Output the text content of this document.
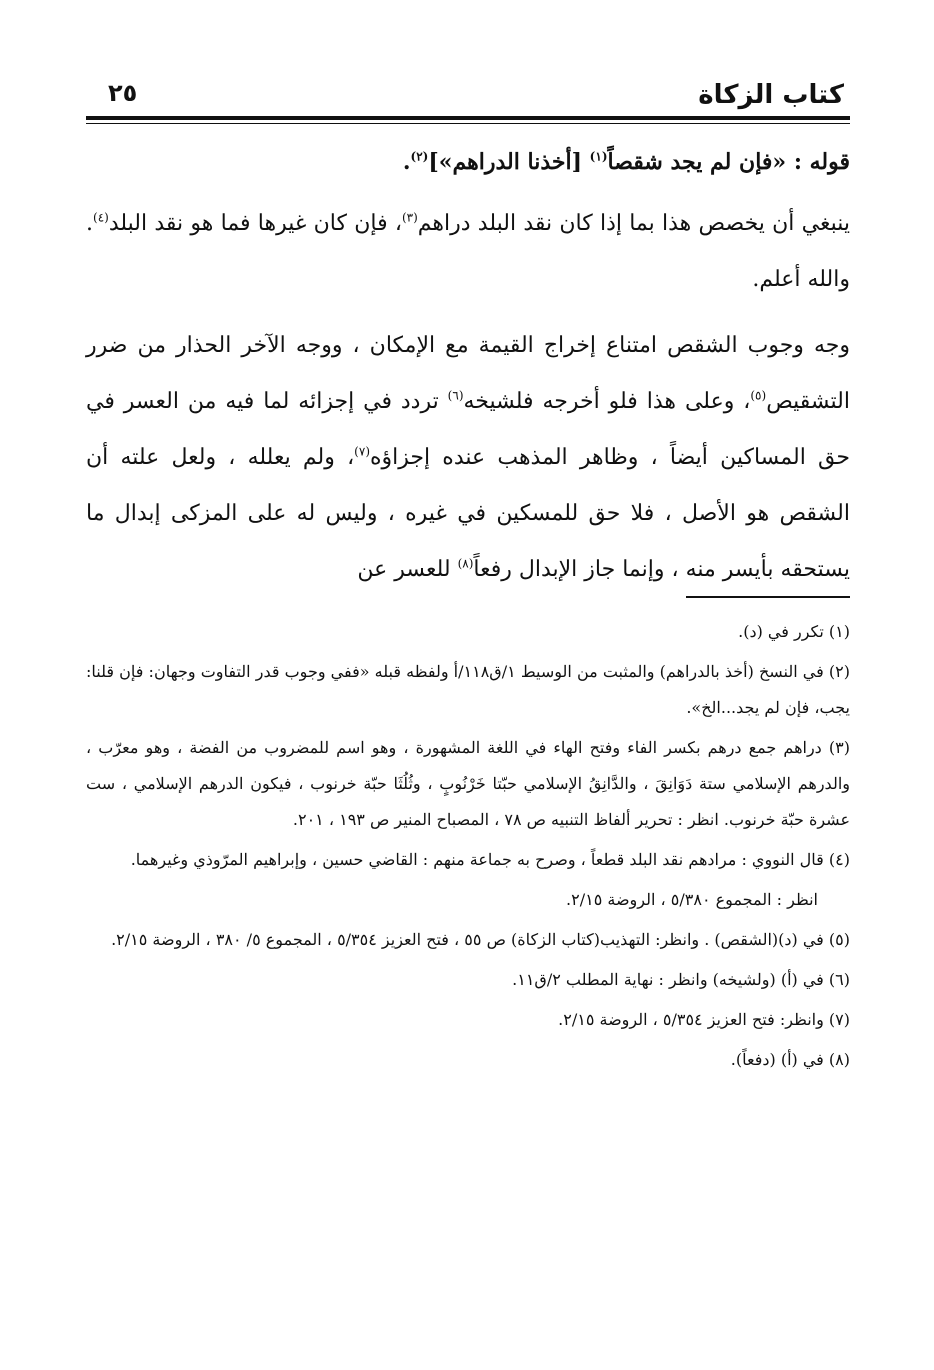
كتاب الزكاة
٢٥

قوله : «فإن لم يجد شقصاً$^{(١)}$ [أخذنا الدراهم»]$^{(٢)}$.

ينبغي أن يخصص هذا بما إذا كان نقد البلد دراهم$^{(٣)}$، فإن كان غيرها فما هو نقد البلد$^{(٤)}$. والله أعلم.

وجه وجوب الشقص امتناع إخراج القيمة مع الإمكان ، ووجه الآخر الحذار من ضرر التشقيص$^{(٥)}$، وعلى هذا فلو أخرجه فلشيخه$^{(٦)}$ تردد في إجزائه لما فيه من العسر في حق المساكين أيضاً ، وظاهر المذهب عنده إجزاؤه$^{(٧)}$، ولم يعلله ، ولعل علته أن الشقص هو الأصل ، فلا حق للمسكين في غيره ، وليس له على المزكى إبدال ما يستحقه بأيسر منه ، وإنما جاز الإبدال رفعاً$^{(٨)}$ للعسر عن

(١) تكرر في (د).

(٢) في النسخ (أخذ بالدراهم) والمثبت من الوسيط ١/ق١١٨/أ ولفظه قبله «ففي وجوب قدر التفاوت وجهان: فإن قلنا: يجب، فإن لم يجد...الخ».

(٣) دراهم جمع درهم بكسر الفاء وفتح الهاء في اللغة المشهورة ، وهو اسم للمضروب من الفضة ، وهو معرّب ، والدرهم الإسلامي ستة دَوَانِقَ ، والدَّانِقُ الإسلامي حبّتا خَرْنُوبٍ ، وثُلُثَا حبّة خرنوب ، فيكون الدرهم الإسلامي ، ست عشرة حبّة خرنوب. انظر : تحرير ألفاظ التنبيه ص ٧٨ ، المصباح المنير ص ١٩٣ ، ٢٠١.

(٤) قال النووي : مرادهم نقد البلد قطعاً ، وصرح به جماعة منهم : القاضي حسين ، وإبراهيم المرّوذي وغيرهما.

انظر : المجموع ٥/٣٨٠ ، الروضة ٢/١٥.

(٥) في (د)(الشقص) . وانظر: التهذيب(كتاب الزكاة) ص ٥٥ ، فتح العزيز ٥/٣٥٤ ، المجموع ٥/ ٣٨٠ ، الروضة ٢/١٥.

(٦) في (أ) (ولشيخه) وانظر : نهاية المطلب ٢/ق١١.

(٧) وانظر: فتح العزيز ٥/٣٥٤ ، الروضة ٢/١٥.

(٨) في (أ) (دفعاً).
